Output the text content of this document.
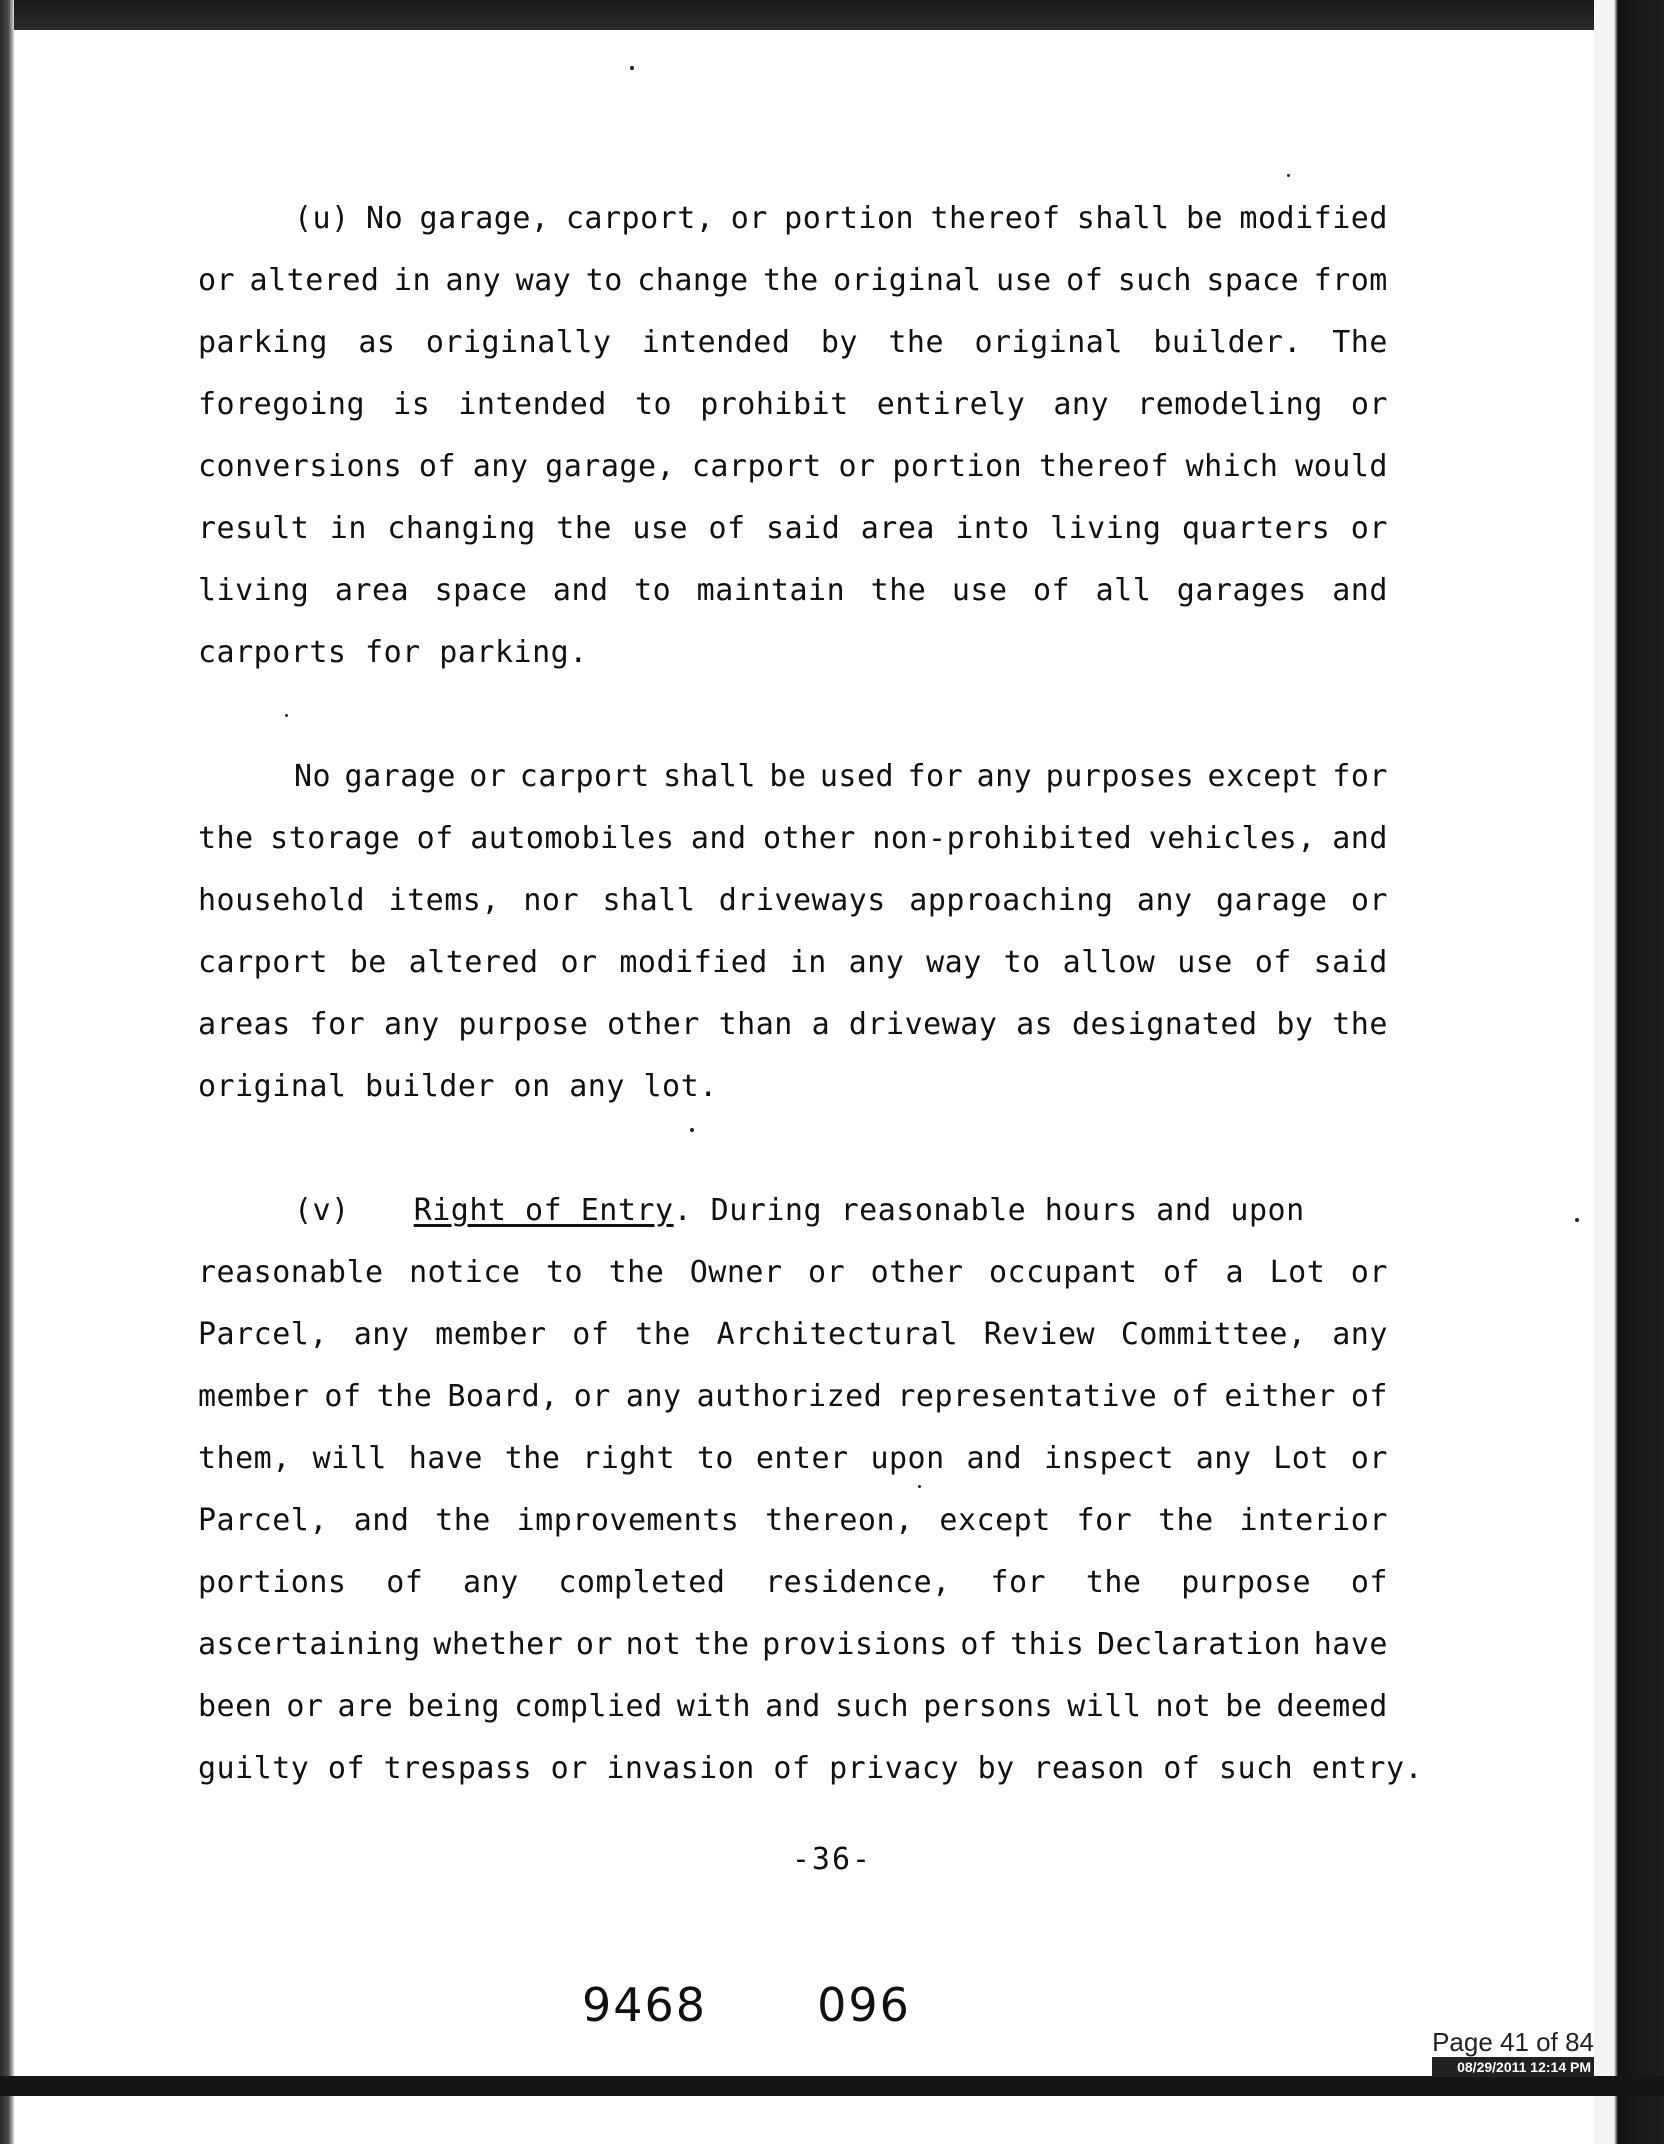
(u) No garage, carport, or portion thereof shall be modified
or altered in any way to change the original use of such space from
parking as originally intended by the original builder. The
foregoing is intended to prohibit entirely any remodeling or
conversions of any garage, carport or portion thereof which would
result in changing the use of said area into living quarters or
living area space and to maintain the use of all garages and
carports for parking.
No garage or carport shall be used for any purposes except for
the storage of automobiles and other non-prohibited vehicles, and
household items, nor shall driveways approaching any garage or
carport be altered or modified in any way to allow use of said
areas for any purpose other than a driveway as designated by the
original builder on any lot.
(v) Right of Entry . During reasonable hours and upon
reasonable notice to the Owner or other occupant of a Lot or
Parcel, any member of the Architectural Review Committee, any
member of the Board, or any authorized representative of either of
them, will have the right to enter upon and inspect any Lot or
Parcel, and the improvements thereon, except for the interior
portions of any completed residence, for the purpose of
ascertaining whether or not the provisions of this Declaration have
been or are being complied with and such persons will not be deemed
guilty of trespass or invasion of privacy by reason of such entry.
-36-
9468 096
Page 41 of 84
08/29/2011 12:14 PM
